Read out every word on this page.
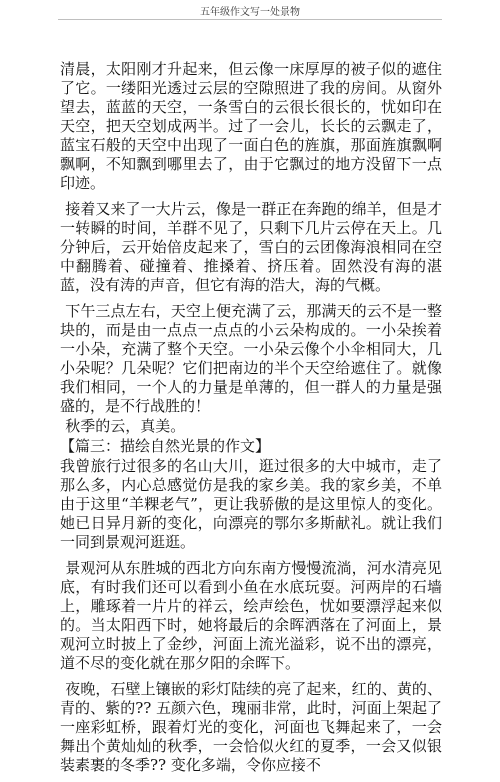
五年级作文写一处景物

清晨，太阳刚才升起来，但云像一床厚厚的被子似的遮住了它。一缕阳光透过云层的空隙照进了我的房间。从窗外望去，蓝蓝的天空，一条雪白的云很长很长的，忧如印在天空，把天空划成两半。过了一会儿，长长的云飘走了，蓝宝石般的天空中出现了一面白色的旌旗，那面旌旗飘啊飘啊，不知飘到哪里去了，由于它飘过的地方没留下一点印迹。

接着又来了一大片云，像是一群正在奔跑的绵羊，但是才一转瞬的时间，羊群不见了，只剩下几片云停在天上。几分钟后，云开始倍皮起来了，雪白的云团像海浪相同在空中翻腾着、碰撞着、推搡着、挤压着。固然没有海的湛蓝，没有涛的声音，但它有海的浩大，海的气概。

下午三点左右，天空上便充满了云，那满天的云不是一整块的，而是由一点点一点点的小云朵构成的。一小朵挨着一小朵，充满了整个天空。一小朵云像个小伞相同大，几小朵呢？几朵呢？它们把南边的半个天空给遮住了。就像我们相同，一个人的力量是单薄的，但一群人的力量是强盛的，是不行战胜的！

秋季的云，真美。

【篇三：描绘自然光景的作文】

我曾旅行过很多的名山大川，逛过很多的大中城市，走了那么多，内心总感觉仿是我的家乡美。我的家乡美，不单由于这里“羊粿老气”，更让我骄傲的是这里惊人的变化。她已日异月新的变化，向漂亮的鄂尔多斯献礼。就让我们一同到景观河逛逛。

景观河从东胜城的西北方向东南方慢慢流淌，河水清亮见底，有时我们还可以看到小鱼在水底玩耍。河两岸的石墙上，雕琢着一片片的祥云，绘声绘色，忧如要漂浮起来似的。当太阳西下时，她将最后的余晖洒落在了河面上，景观河立时披上了金纱，河面上流光溢彩，说不出的漂亮，道不尽的变化就在那夕阳的余晖下。

夜晚，石壁上镶嵌的彩灯陆续的亮了起来，红的、黄的、青的、紫的?? 五颜六色，瑰丽非常，此时，河面上架起了一座彩虹桥，跟着灯光的变化，河面也飞舞起来了，一会舞出个黄灿灿的秋季，一会恰似火红的夏季，一会又似银装素裹的冬季?? 变化多端，令你应接不
